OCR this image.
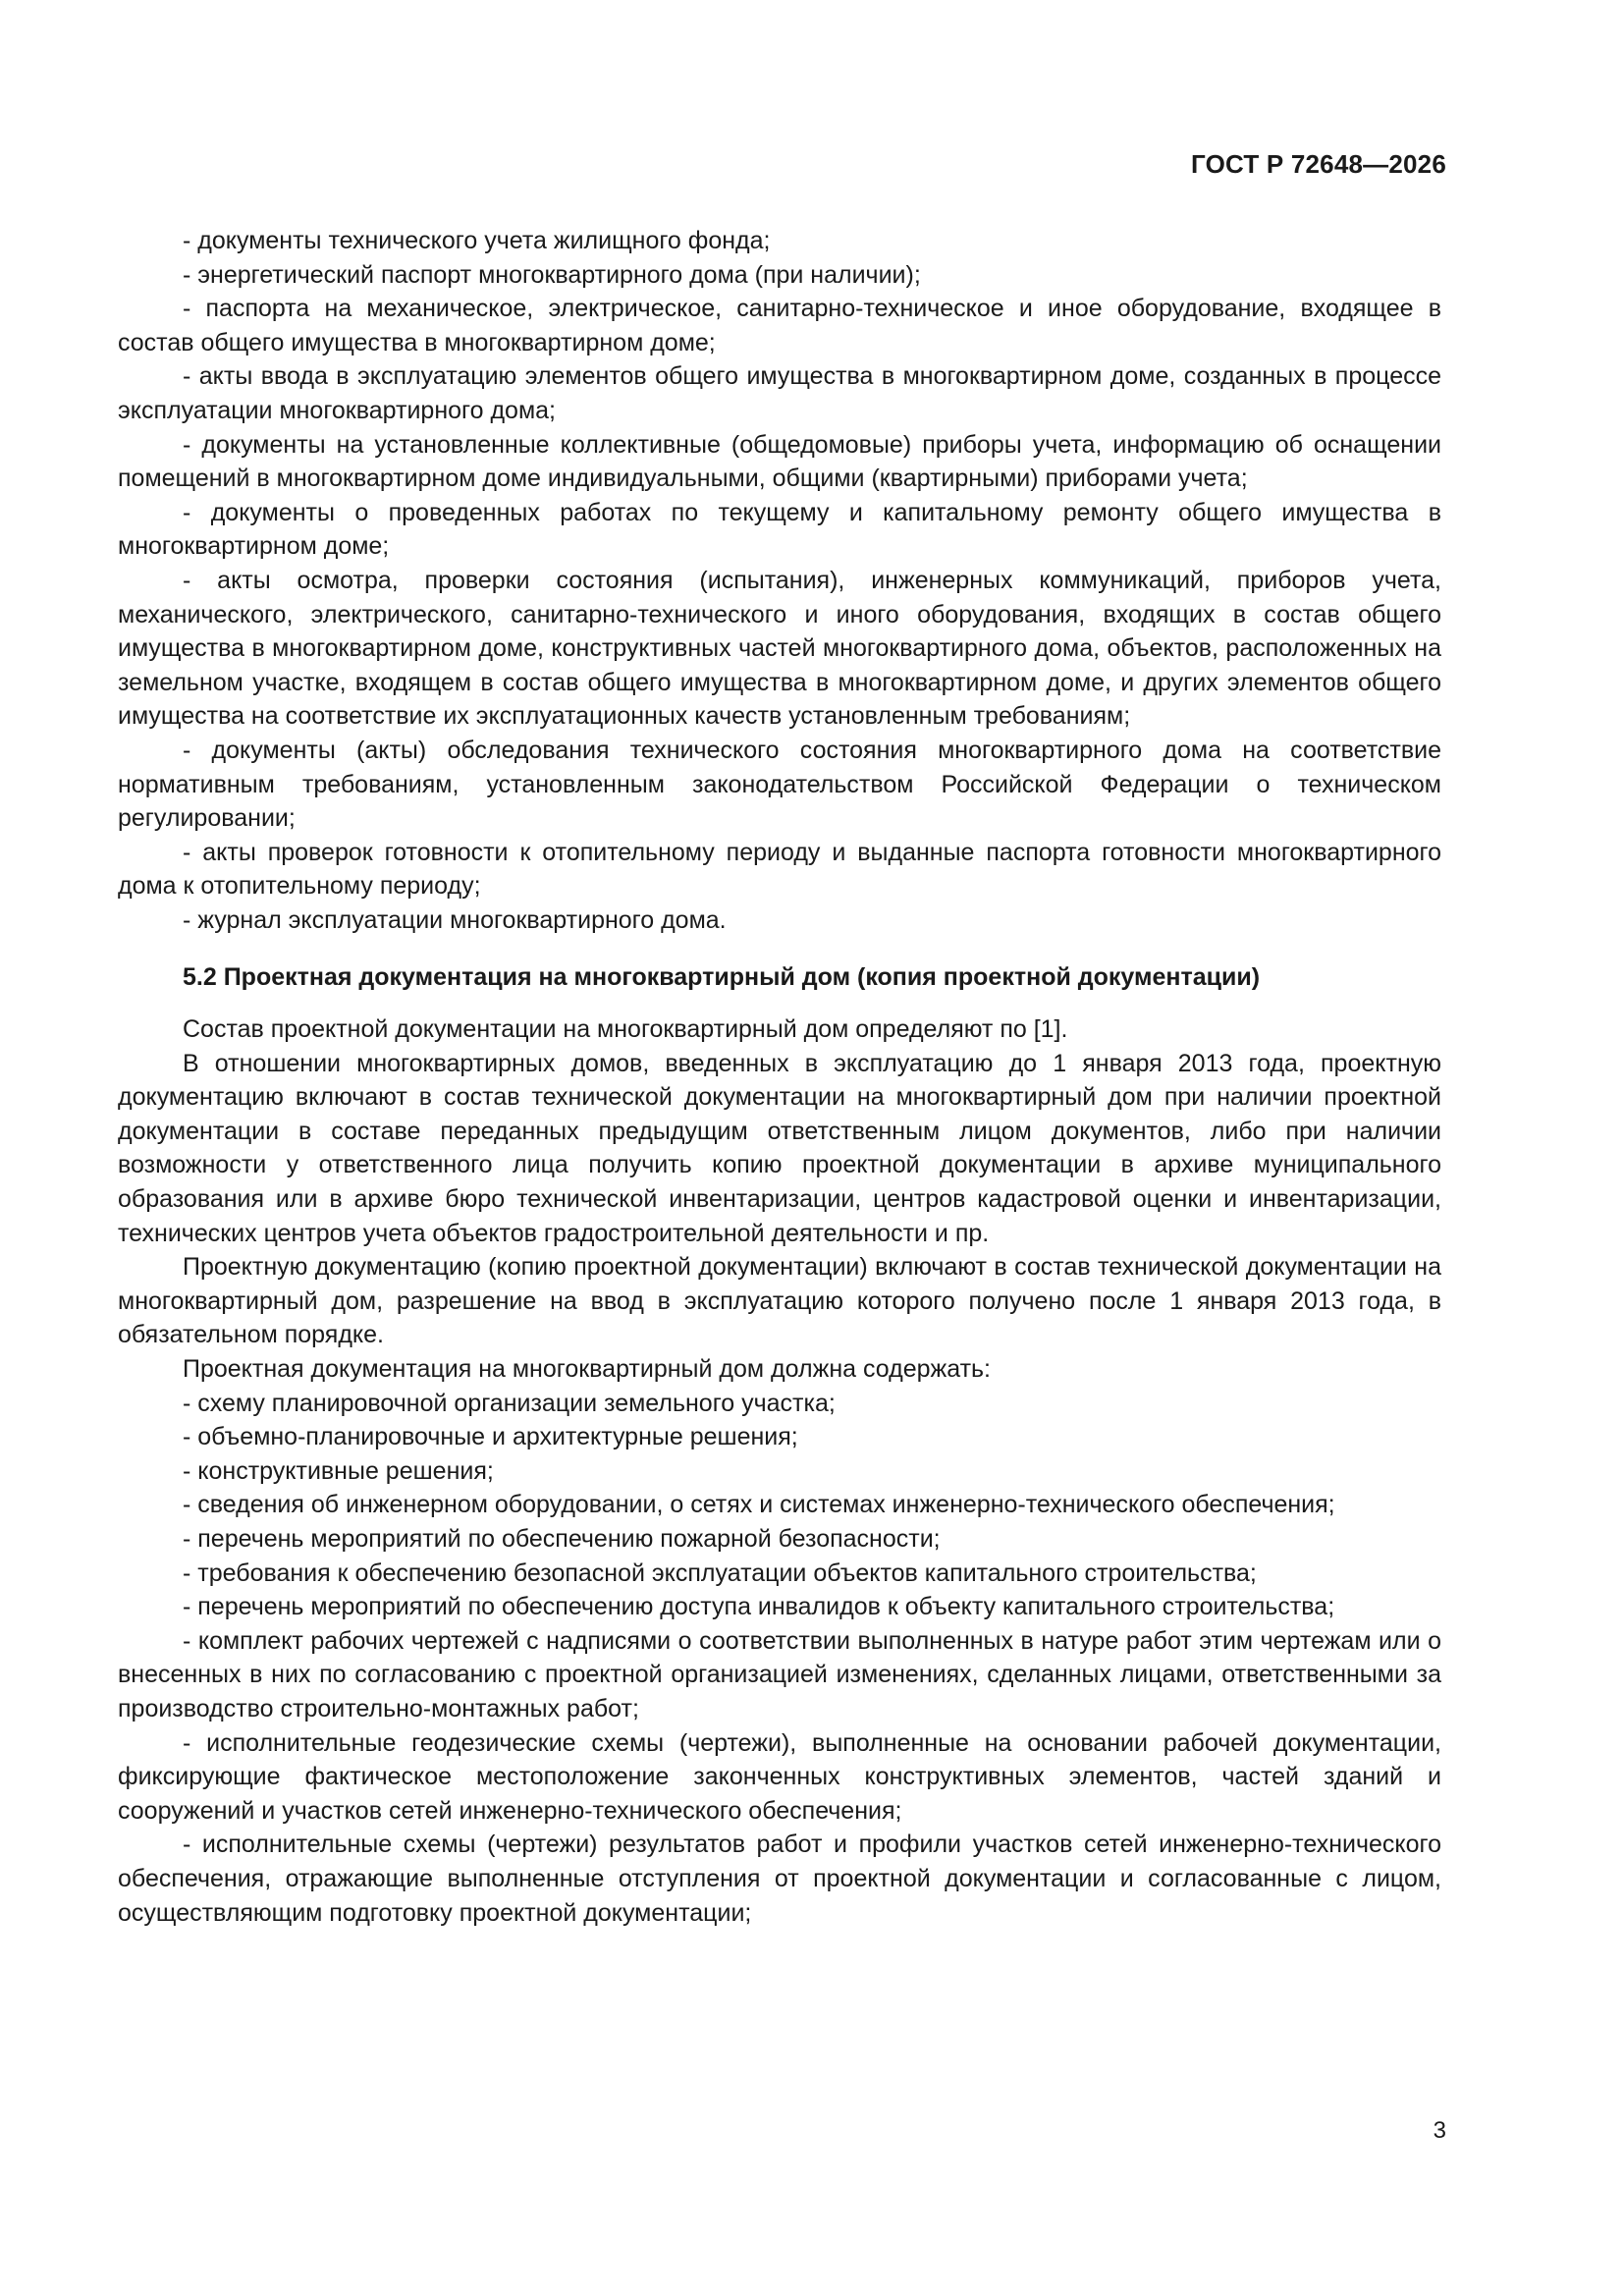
ГОСТ Р 72648—2026

- документы технического учета жилищного фонда;

- энергетический паспорт многоквартирного дома (при наличии);

- паспорта на механическое, электрическое, санитарно-техническое и иное оборудование, входящее в состав общего имущества в многоквартирном доме;

- акты ввода в эксплуатацию элементов общего имущества в многоквартирном доме, созданных в процессе эксплуатации многоквартирного дома;

- документы на установленные коллективные (общедомовые) приборы учета, информацию об оснащении помещений в многоквартирном доме индивидуальными, общими (квартирными) приборами учета;

- документы о проведенных работах по текущему и капитальному ремонту общего имущества в многоквартирном доме;

- акты осмотра, проверки состояния (испытания), инженерных коммуникаций, приборов учета, механического, электрического, санитарно-технического и иного оборудования, входящих в состав общего имущества в многоквартирном доме, конструктивных частей многоквартирного дома, объектов, расположенных на земельном участке, входящем в состав общего имущества в многоквартирном доме, и других элементов общего имущества на соответствие их эксплуатационных качеств установленным требованиям;

- документы (акты) обследования технического состояния многоквартирного дома на соответствие нормативным требованиям, установленным законодательством Российской Федерации о техническом регулировании;

- акты проверок готовности к отопительному периоду и выданные паспорта готовности многоквартирного дома к отопительному периоду;

- журнал эксплуатации многоквартирного дома.

5.2 Проектная документация на многоквартирный дом (копия проектной документации)

Состав проектной документации на многоквартирный дом определяют по [1].

В отношении многоквартирных домов, введенных в эксплуатацию до 1 января 2013 года, проектную документацию включают в состав технической документации на многоквартирный дом при наличии проектной документации в составе переданных предыдущим ответственным лицом документов, либо при наличии возможности у ответственного лица получить копию проектной документации в архиве муниципального образования или в архиве бюро технической инвентаризации, центров кадастровой оценки и инвентаризации, технических центров учета объектов градостроительной деятельности и пр.

Проектную документацию (копию проектной документации) включают в состав технической документации на многоквартирный дом, разрешение на ввод в эксплуатацию которого получено после 1 января 2013 года, в обязательном порядке.

Проектная документация на многоквартирный дом должна содержать:

- схему планировочной организации земельного участка;

- объемно-планировочные и архитектурные решения;

- конструктивные решения;

- сведения об инженерном оборудовании, о сетях и системах инженерно-технического обеспечения;

- перечень мероприятий по обеспечению пожарной безопасности;

- требования к обеспечению безопасной эксплуатации объектов капитального строительства;

- перечень мероприятий по обеспечению доступа инвалидов к объекту капитального строительства;

- комплект рабочих чертежей с надписями о соответствии выполненных в натуре работ этим чертежам или о внесенных в них по согласованию с проектной организацией изменениях, сделанных лицами, ответственными за производство строительно-монтажных работ;

- исполнительные геодезические схемы (чертежи), выполненные на основании рабочей документации, фиксирующие фактическое местоположение законченных конструктивных элементов, частей зданий и сооружений и участков сетей инженерно-технического обеспечения;

- исполнительные схемы (чертежи) результатов работ и профили участков сетей инженерно-технического обеспечения, отражающие выполненные отступления от проектной документации и согласованные с лицом, осуществляющим подготовку проектной документации;

3
